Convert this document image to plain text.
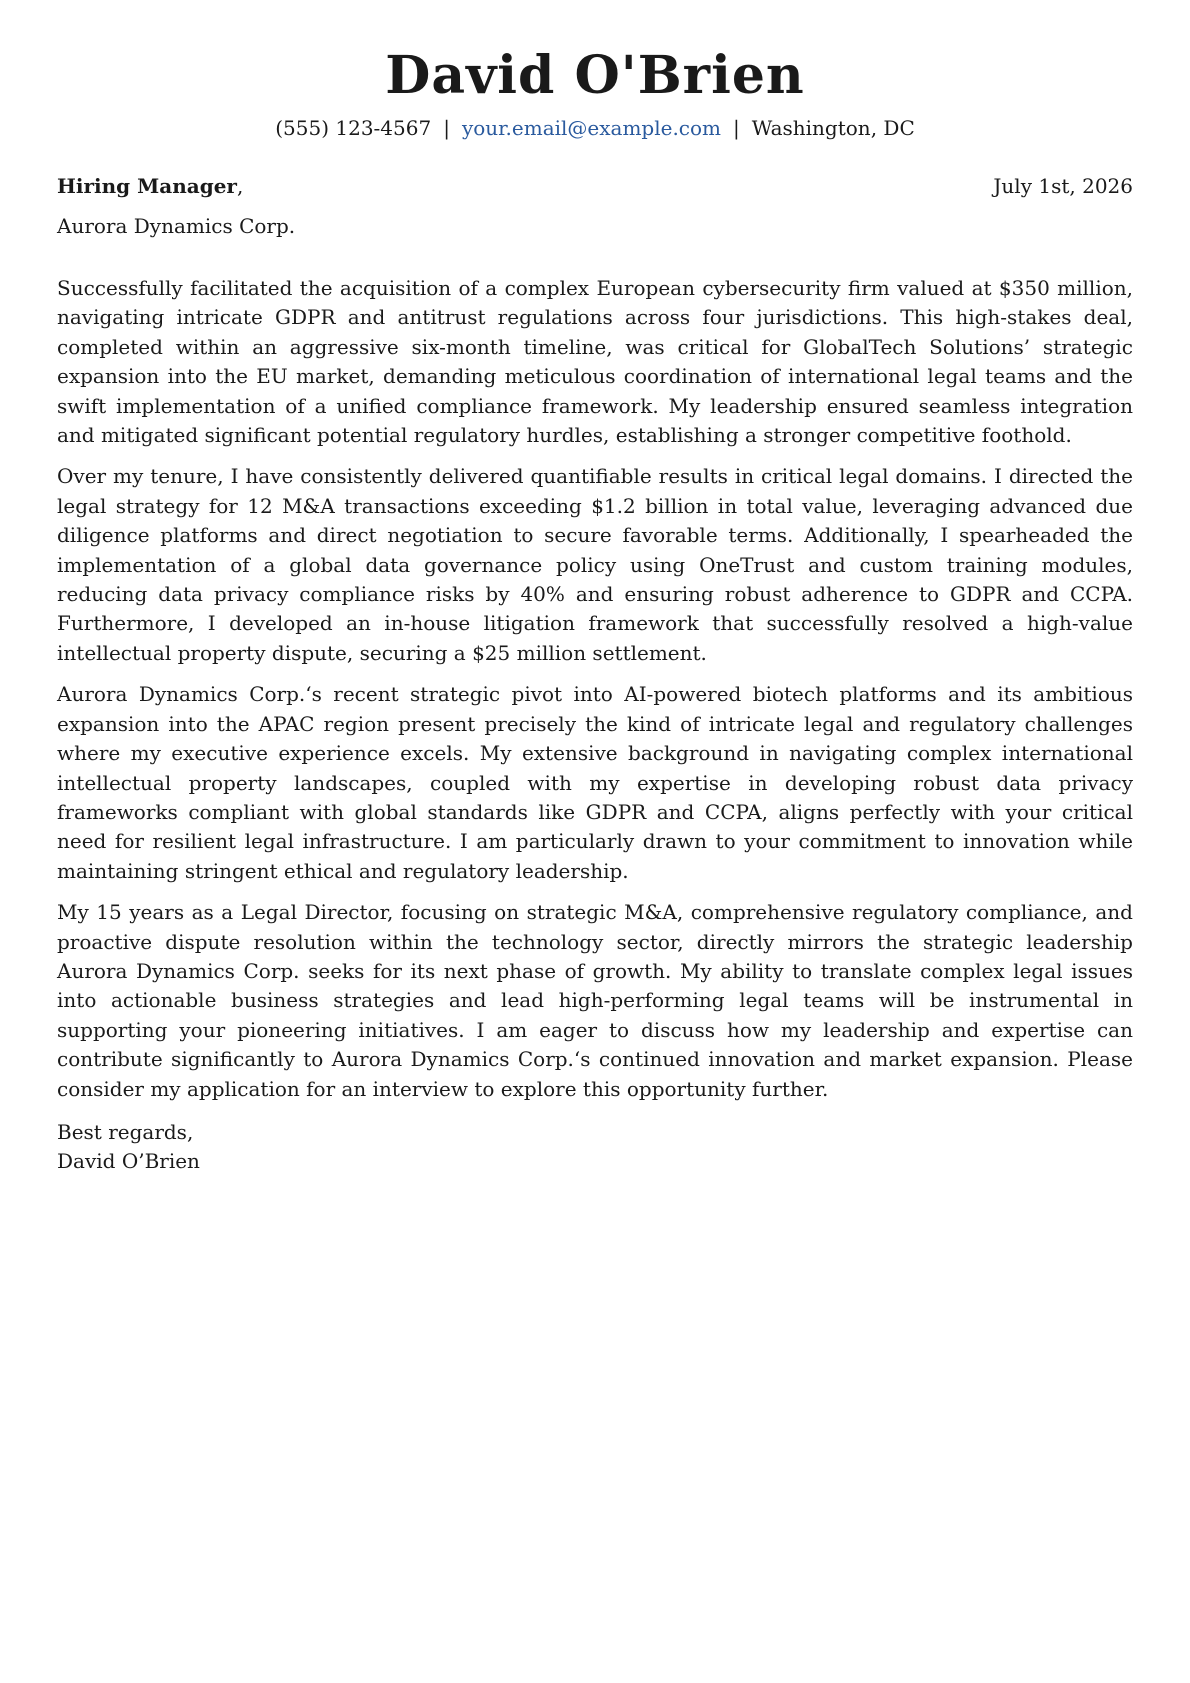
David O'Brien
(555) 123-4567 | your.email@example.com | Washington, DC
Hiring Manager,	July 1st, 2026
Aurora Dynamics Corp.

Successfully facilitated the acquisition of a complex European cybersecurity firm valued at $350 million, navigating intricate GDPR and antitrust regulations across four jurisdictions. This high-stakes deal, completed within an aggressive six-month timeline, was critical for GlobalTech Solutions’ strategic expansion into the EU market, demanding meticulous coordination of international legal teams and the swift implementation of a unified compliance framework. My leadership ensured seamless integration and mitigated significant potential regulatory hurdles, establishing a stronger competitive foothold.

Over my tenure, I have consistently delivered quantifiable results in critical legal domains. I directed the legal strategy for 12 M&A transactions exceeding $1.2 billion in total value, leveraging advanced due diligence platforms and direct negotiation to secure favorable terms. Additionally, I spearheaded the implementation of a global data governance policy using OneTrust and custom training modules, reducing data privacy compliance risks by 40% and ensuring robust adherence to GDPR and CCPA. Furthermore, I developed an in-house litigation framework that successfully resolved a high-value intellectual property dispute, securing a $25 million settlement.

Aurora Dynamics Corp.‘s recent strategic pivot into AI-powered biotech platforms and its ambitious expansion into the APAC region present precisely the kind of intricate legal and regulatory challenges where my executive experience excels. My extensive background in navigating complex international intellectual property landscapes, coupled with my expertise in developing robust data privacy frameworks compliant with global standards like GDPR and CCPA, aligns perfectly with your critical need for resilient legal infrastructure. I am particularly drawn to your commitment to innovation while maintaining stringent ethical and regulatory leadership.

My 15 years as a Legal Director, focusing on strategic M&A, comprehensive regulatory compliance, and proactive dispute resolution within the technology sector, directly mirrors the strategic leadership Aurora Dynamics Corp. seeks for its next phase of growth. My ability to translate complex legal issues into actionable business strategies and lead high-performing legal teams will be instrumental in supporting your pioneering initiatives. I am eager to discuss how my leadership and expertise can contribute significantly to Aurora Dynamics Corp.‘s continued innovation and market expansion. Please consider my application for an interview to explore this opportunity further.

Best regards,
David O’Brien
